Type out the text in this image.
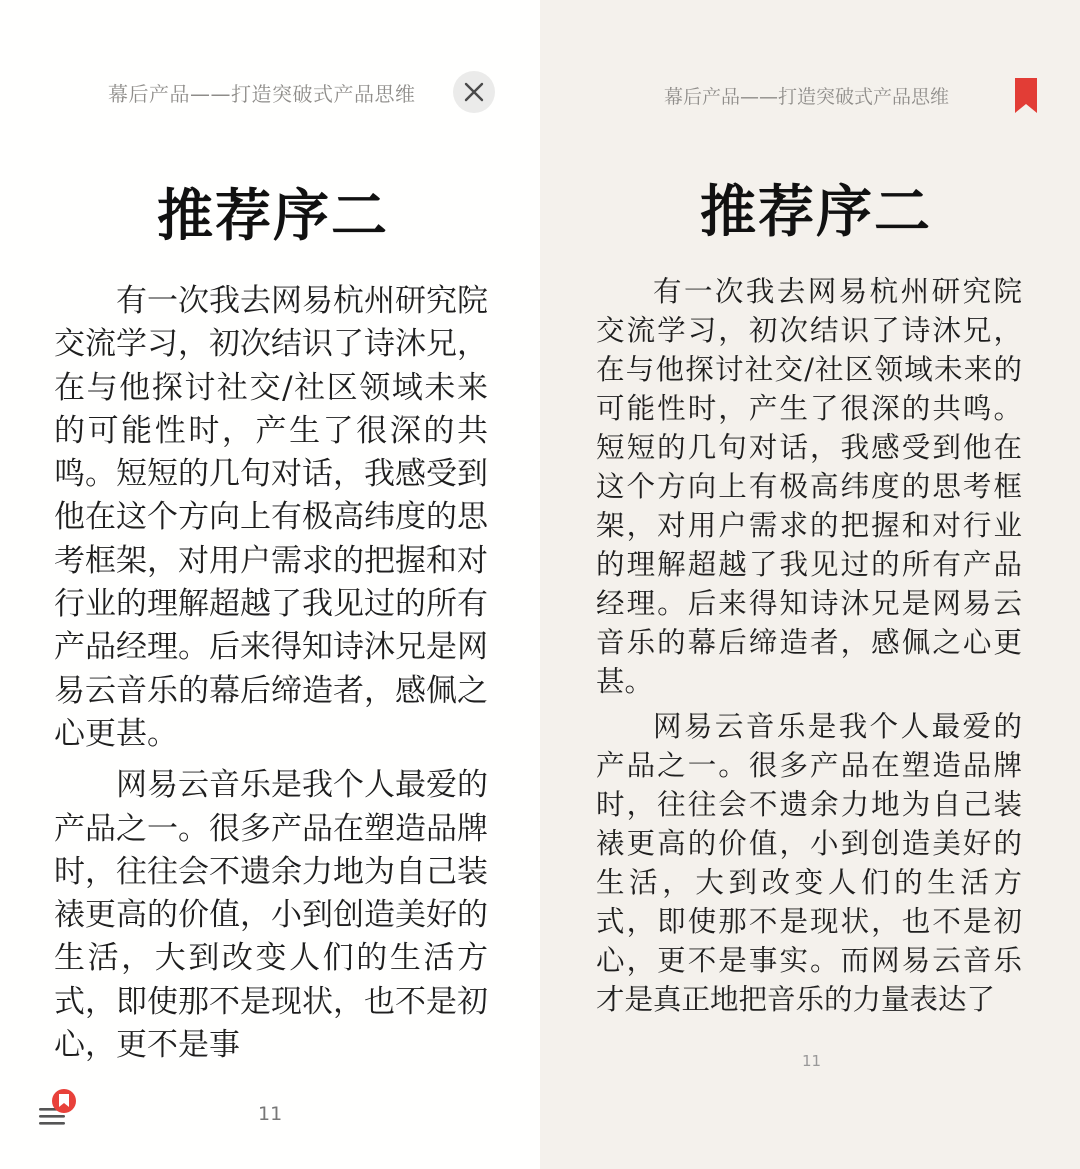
幕后产品——打造突破式产品思维
推荐序二

有一次我去网易杭州研究院交流学习，初次结识了诗沐兄，在与他探讨社交/社区领域未来的可能性时，产生了很深的共鸣。短短的几句对话，我感受到他在这个方向上有极高纬度的思考框架，对用户需求的把握和对行业的理解超越了我见过的所有产品经理。后来得知诗沐兄是网易云音乐的幕后缔造者，感佩之心更甚。

网易云音乐是我个人最爱的产品之一。很多产品在塑造品牌时，往往会不遗余力地为自己装裱更高的价值，小到创造美好的生活，大到改变人们的生活方式，即使那不是现状，也不是初心，更不是事

11
幕后产品——打造突破式产品思维
推荐序二

有一次我去网易杭州研究院交流学习，初次结识了诗沐兄，在与他探讨社交/社区领域未来的可能性时，产生了很深的共鸣。短短的几句对话，我感受到他在这个方向上有极高纬度的思考框架，对用户需求的把握和对行业的理解超越了我见过的所有产品经理。后来得知诗沐兄是网易云音乐的幕后缔造者，感佩之心更甚。

网易云音乐是我个人最爱的产品之一。很多产品在塑造品牌时，往往会不遗余力地为自己装裱更高的价值，小到创造美好的生活，大到改变人们的生活方式，即使那不是现状，也不是初心，更不是事实。而网易云音乐才是真正地把音乐的力量表达了

11
